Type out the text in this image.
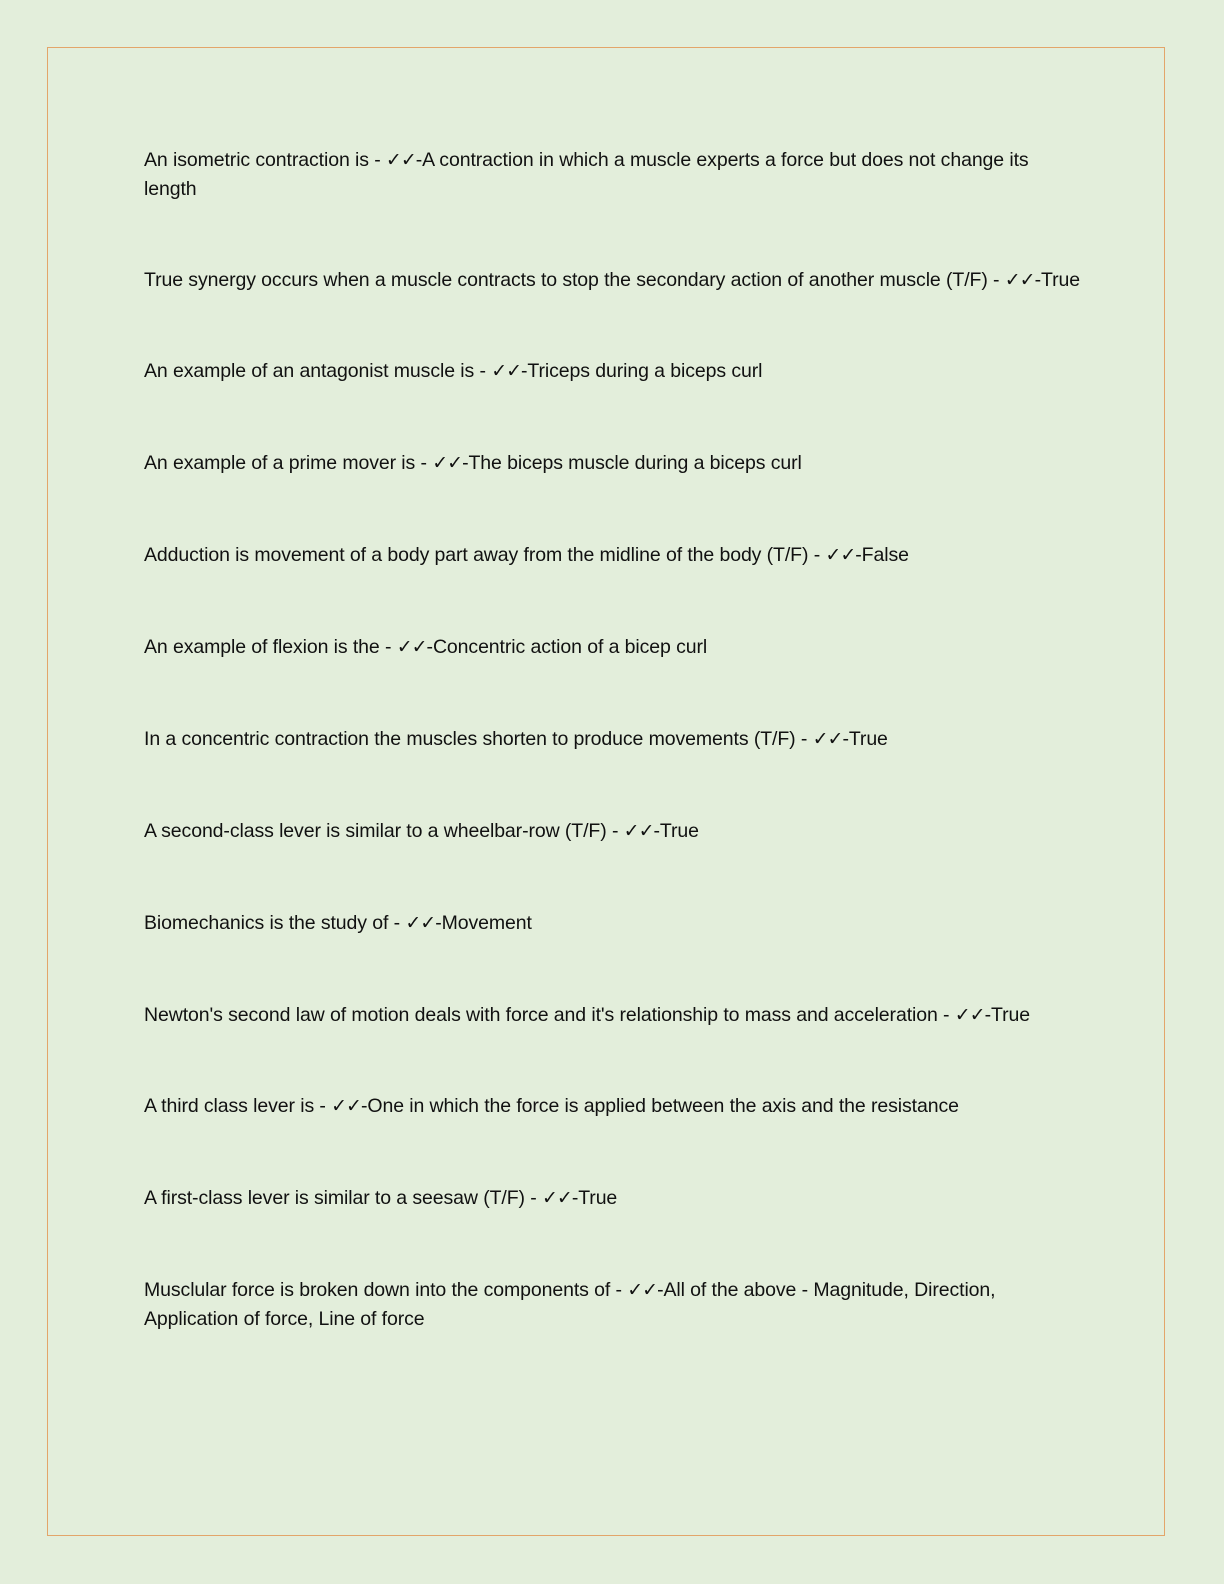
An isometric contraction is - ✓✓-A contraction in which a muscle experts a force but does not change its length
True synergy occurs when a muscle contracts to stop the secondary action of another muscle (T/F) - ✓✓-True
An example of an antagonist muscle is - ✓✓-Triceps during a biceps curl
An example of a prime mover is - ✓✓-The biceps muscle during a biceps curl
Adduction is movement of a body part away from the midline of the body (T/F) - ✓✓-False
An example of flexion is the - ✓✓-Concentric action of a bicep curl
In a concentric contraction the muscles shorten to produce movements (T/F) - ✓✓-True
A second-class lever is similar to a wheelbar-row (T/F) - ✓✓-True
Biomechanics is the study of - ✓✓-Movement
Newton's second law of motion deals with force and it's relationship to mass and acceleration - ✓✓-True
A third class lever is - ✓✓-One in which the force is applied between the axis and the resistance
A first-class lever is similar to a seesaw (T/F) - ✓✓-True
Musclular force is broken down into the components of - ✓✓-All of the above - Magnitude, Direction, Application of force, Line of force
